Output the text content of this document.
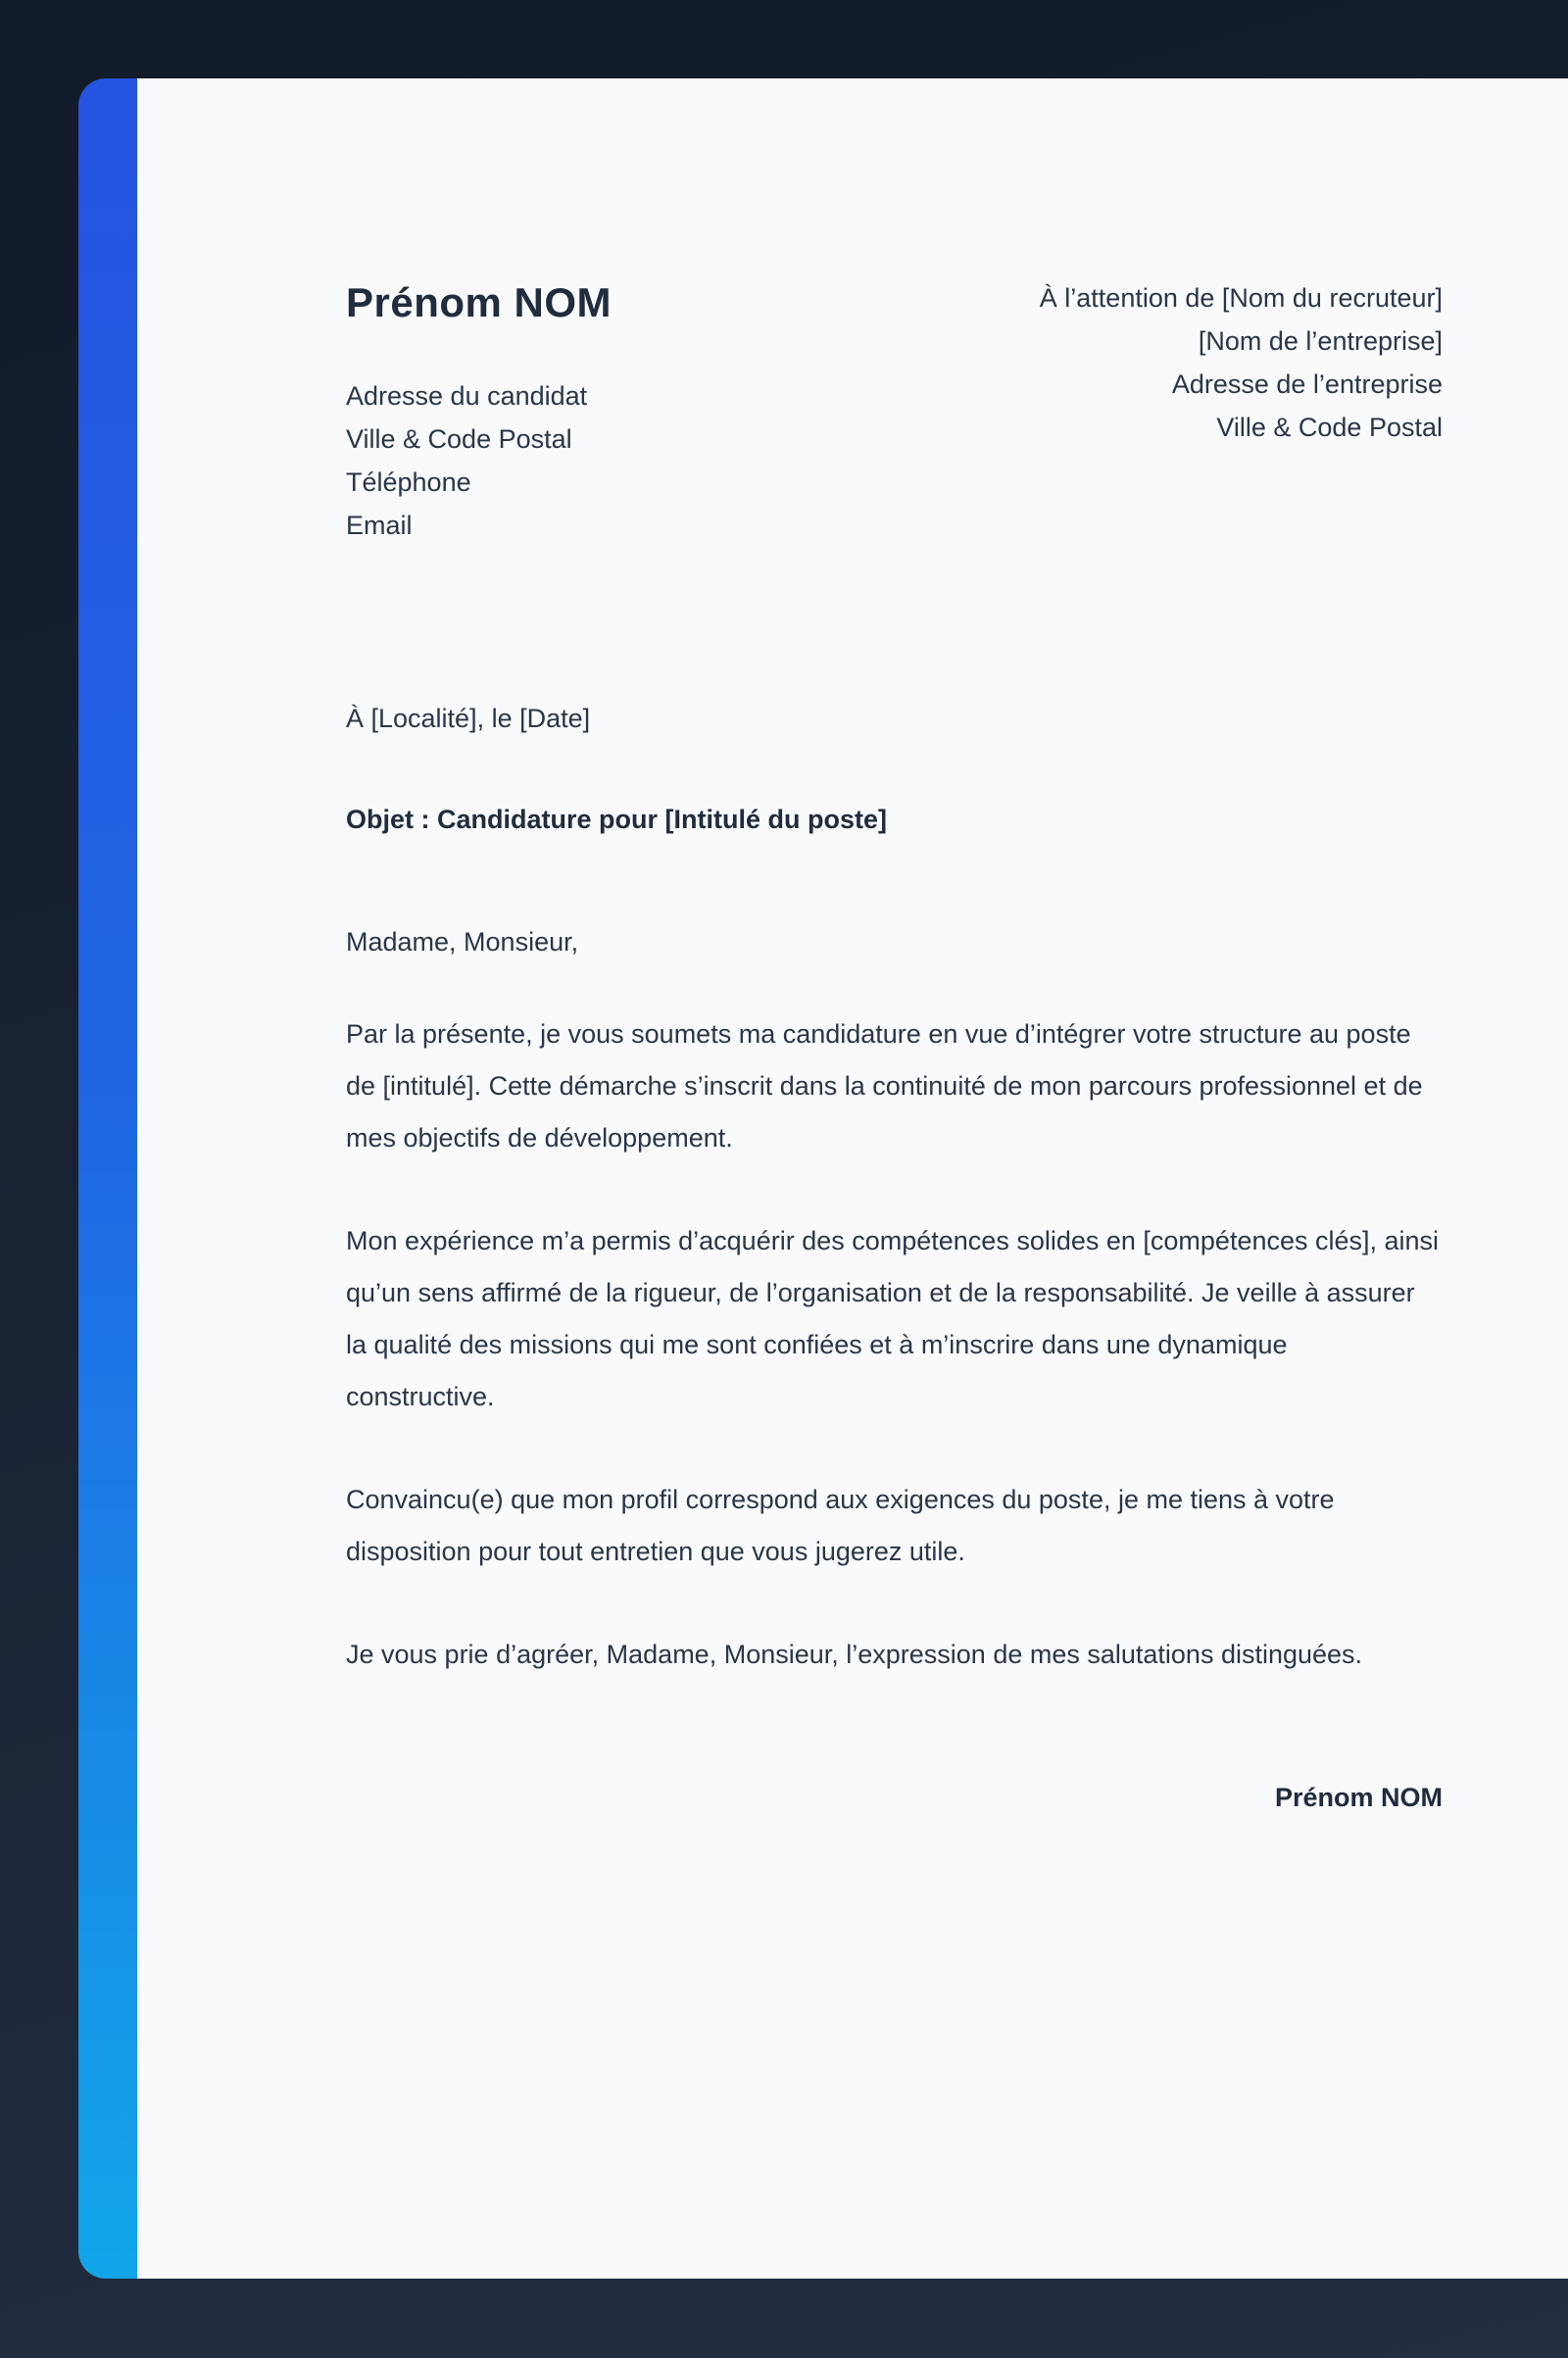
Prénom NOM
Adresse du candidat
Ville & Code Postal
Téléphone
Email
À l’attention de [Nom du recruteur]
[Nom de l’entreprise]
Adresse de l’entreprise
Ville & Code Postal
À [Localité], le [Date]
Objet : Candidature pour [Intitulé du poste]
Madame, Monsieur,

Par la présente, je vous soumets ma candidature en vue d’intégrer votre structure au poste de [intitulé]. Cette démarche s’inscrit dans la continuité de mon parcours professionnel et de mes objectifs de développement.

Mon expérience m’a permis d’acquérir des compétences solides en [compétences clés], ainsi qu’un sens affirmé de la rigueur, de l’organisation et de la responsabilité. Je veille à assurer la qualité des missions qui me sont confiées et à m’inscrire dans une dynamique constructive.

Convaincu(e) que mon profil correspond aux exigences du poste, je me tiens à votre disposition pour tout entretien que vous jugerez utile.

Je vous prie d’agréer, Madame, Monsieur, l’expression de mes salutations distinguées.

Prénom NOM
